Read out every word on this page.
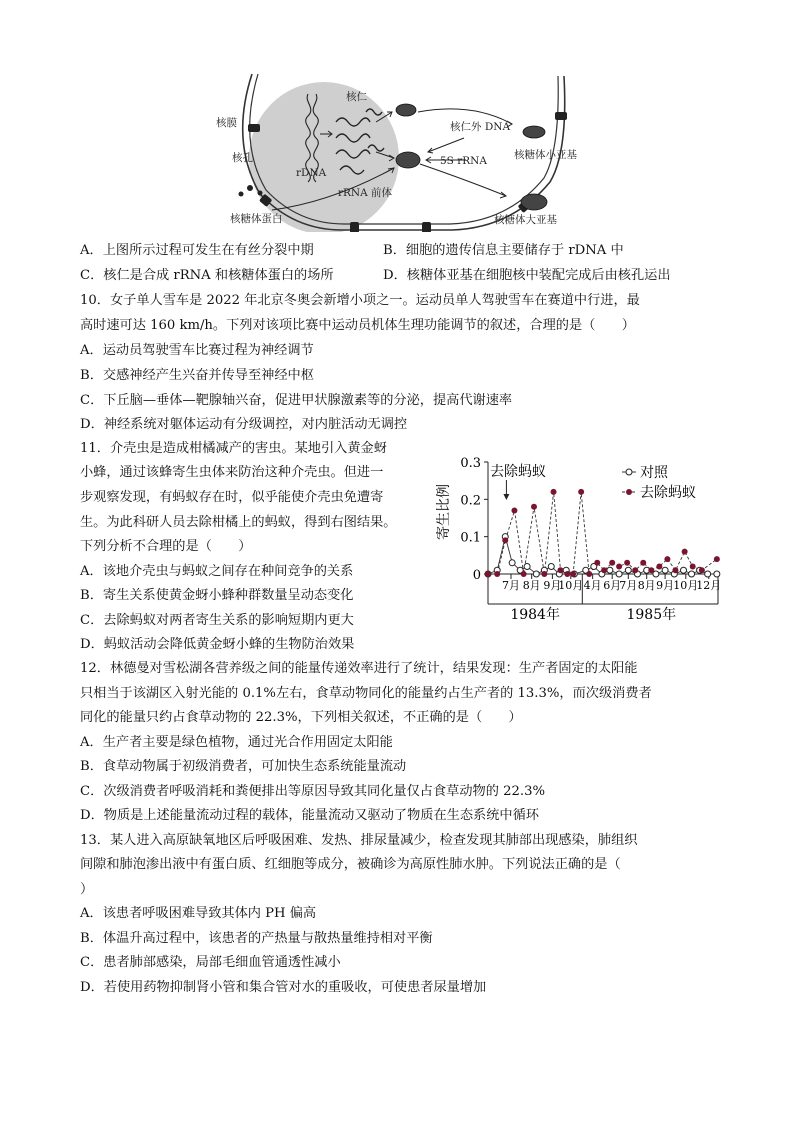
核膜
核孔
核仁
rDNA
rRNA 前体
核仁外 DNA
5S rRNA
核糖体蛋白
核糖体小亚基
核糖体大亚基
A．上图所示过程可发生在有丝分裂中期	B．细胞的遗传信息主要储存于 rDNA 中
C．核仁是合成 rRNA 和核糖体蛋白的场所	D．核糖体亚基在细胞核中装配完成后由核孔运出
10．女子单人雪车是 2022 年北京冬奥会新增小项之一。运动员单人驾驶雪车在赛道中行进，最
高时速可达 160 km/h。下列对该项比赛中运动员机体生理功能调节的叙述，合理的是（　　）
A．运动员驾驶雪车比赛过程为神经调节
B．交感神经产生兴奋并传导至神经中枢
C．下丘脑—垂体—靶腺轴兴奋，促进甲状腺激素等的分泌，提高代谢速率
D．神经系统对躯体运动有分级调控，对内脏活动无调控
11．介壳虫是造成柑橘减产的害虫。某地引入黄金蚜
小蜂，通过该蜂寄生虫体来防治这种介壳虫。但进一
步观察发现，有蚂蚁存在时，似乎能使介壳虫免遭寄
生。为此科研人员去除柑橘上的蚂蚁，得到右图结果。
下列分析不合理的是（　　）
A．该地介壳虫与蚂蚁之间存在种间竞争的关系
B．寄生关系使黄金蚜小蜂种群数量呈动态变化
C．去除蚂蚁对两者寄生关系的影响短期内更大
D．蚂蚁活动会降低黄金蚜小蜂的生物防治效果
寄生比例
0
0.1
0.2
0.3
7月 8月 9月
10月 4月 6月
7月 8月 9月 10月
12月
1984年	1985年
去除蚂蚁	对照
去除蚂蚁
12．林德曼对雪松湖各营养级之间的能量传递效率进行了统计，结果发现：生产者固定的太阳能
只相当于该湖区入射光能的 0.1%左右，食草动物同化的能量约占生产者的 13.3%，而次级消费者
同化的能量只约占食草动物的 22.3%，下列相关叙述，不正确的是（　　）
A．生产者主要是绿色植物，通过光合作用固定太阳能
B．食草动物属于初级消费者，可加快生态系统能量流动
C．次级消费者呼吸消耗和粪便排出等原因导致其同化量仅占食草动物的 22.3%
D．物质是上述能量流动过程的载体，能量流动又驱动了物质在生态系统中循环
13．某人进入高原缺氧地区后呼吸困难、发热、排尿量减少，检查发现其肺部出现感染，肺组织
间隙和肺泡渗出液中有蛋白质、红细胞等成分，被确诊为高原性肺水肿。下列说法正确的是（
）
A．该患者呼吸困难导致其体内 PH 偏高
B．体温升高过程中，该患者的产热量与散热量维持相对平衡
C．患者肺部感染，局部毛细血管通透性减小
D．若使用药物抑制肾小管和集合管对水的重吸收，可使患者尿量增加
